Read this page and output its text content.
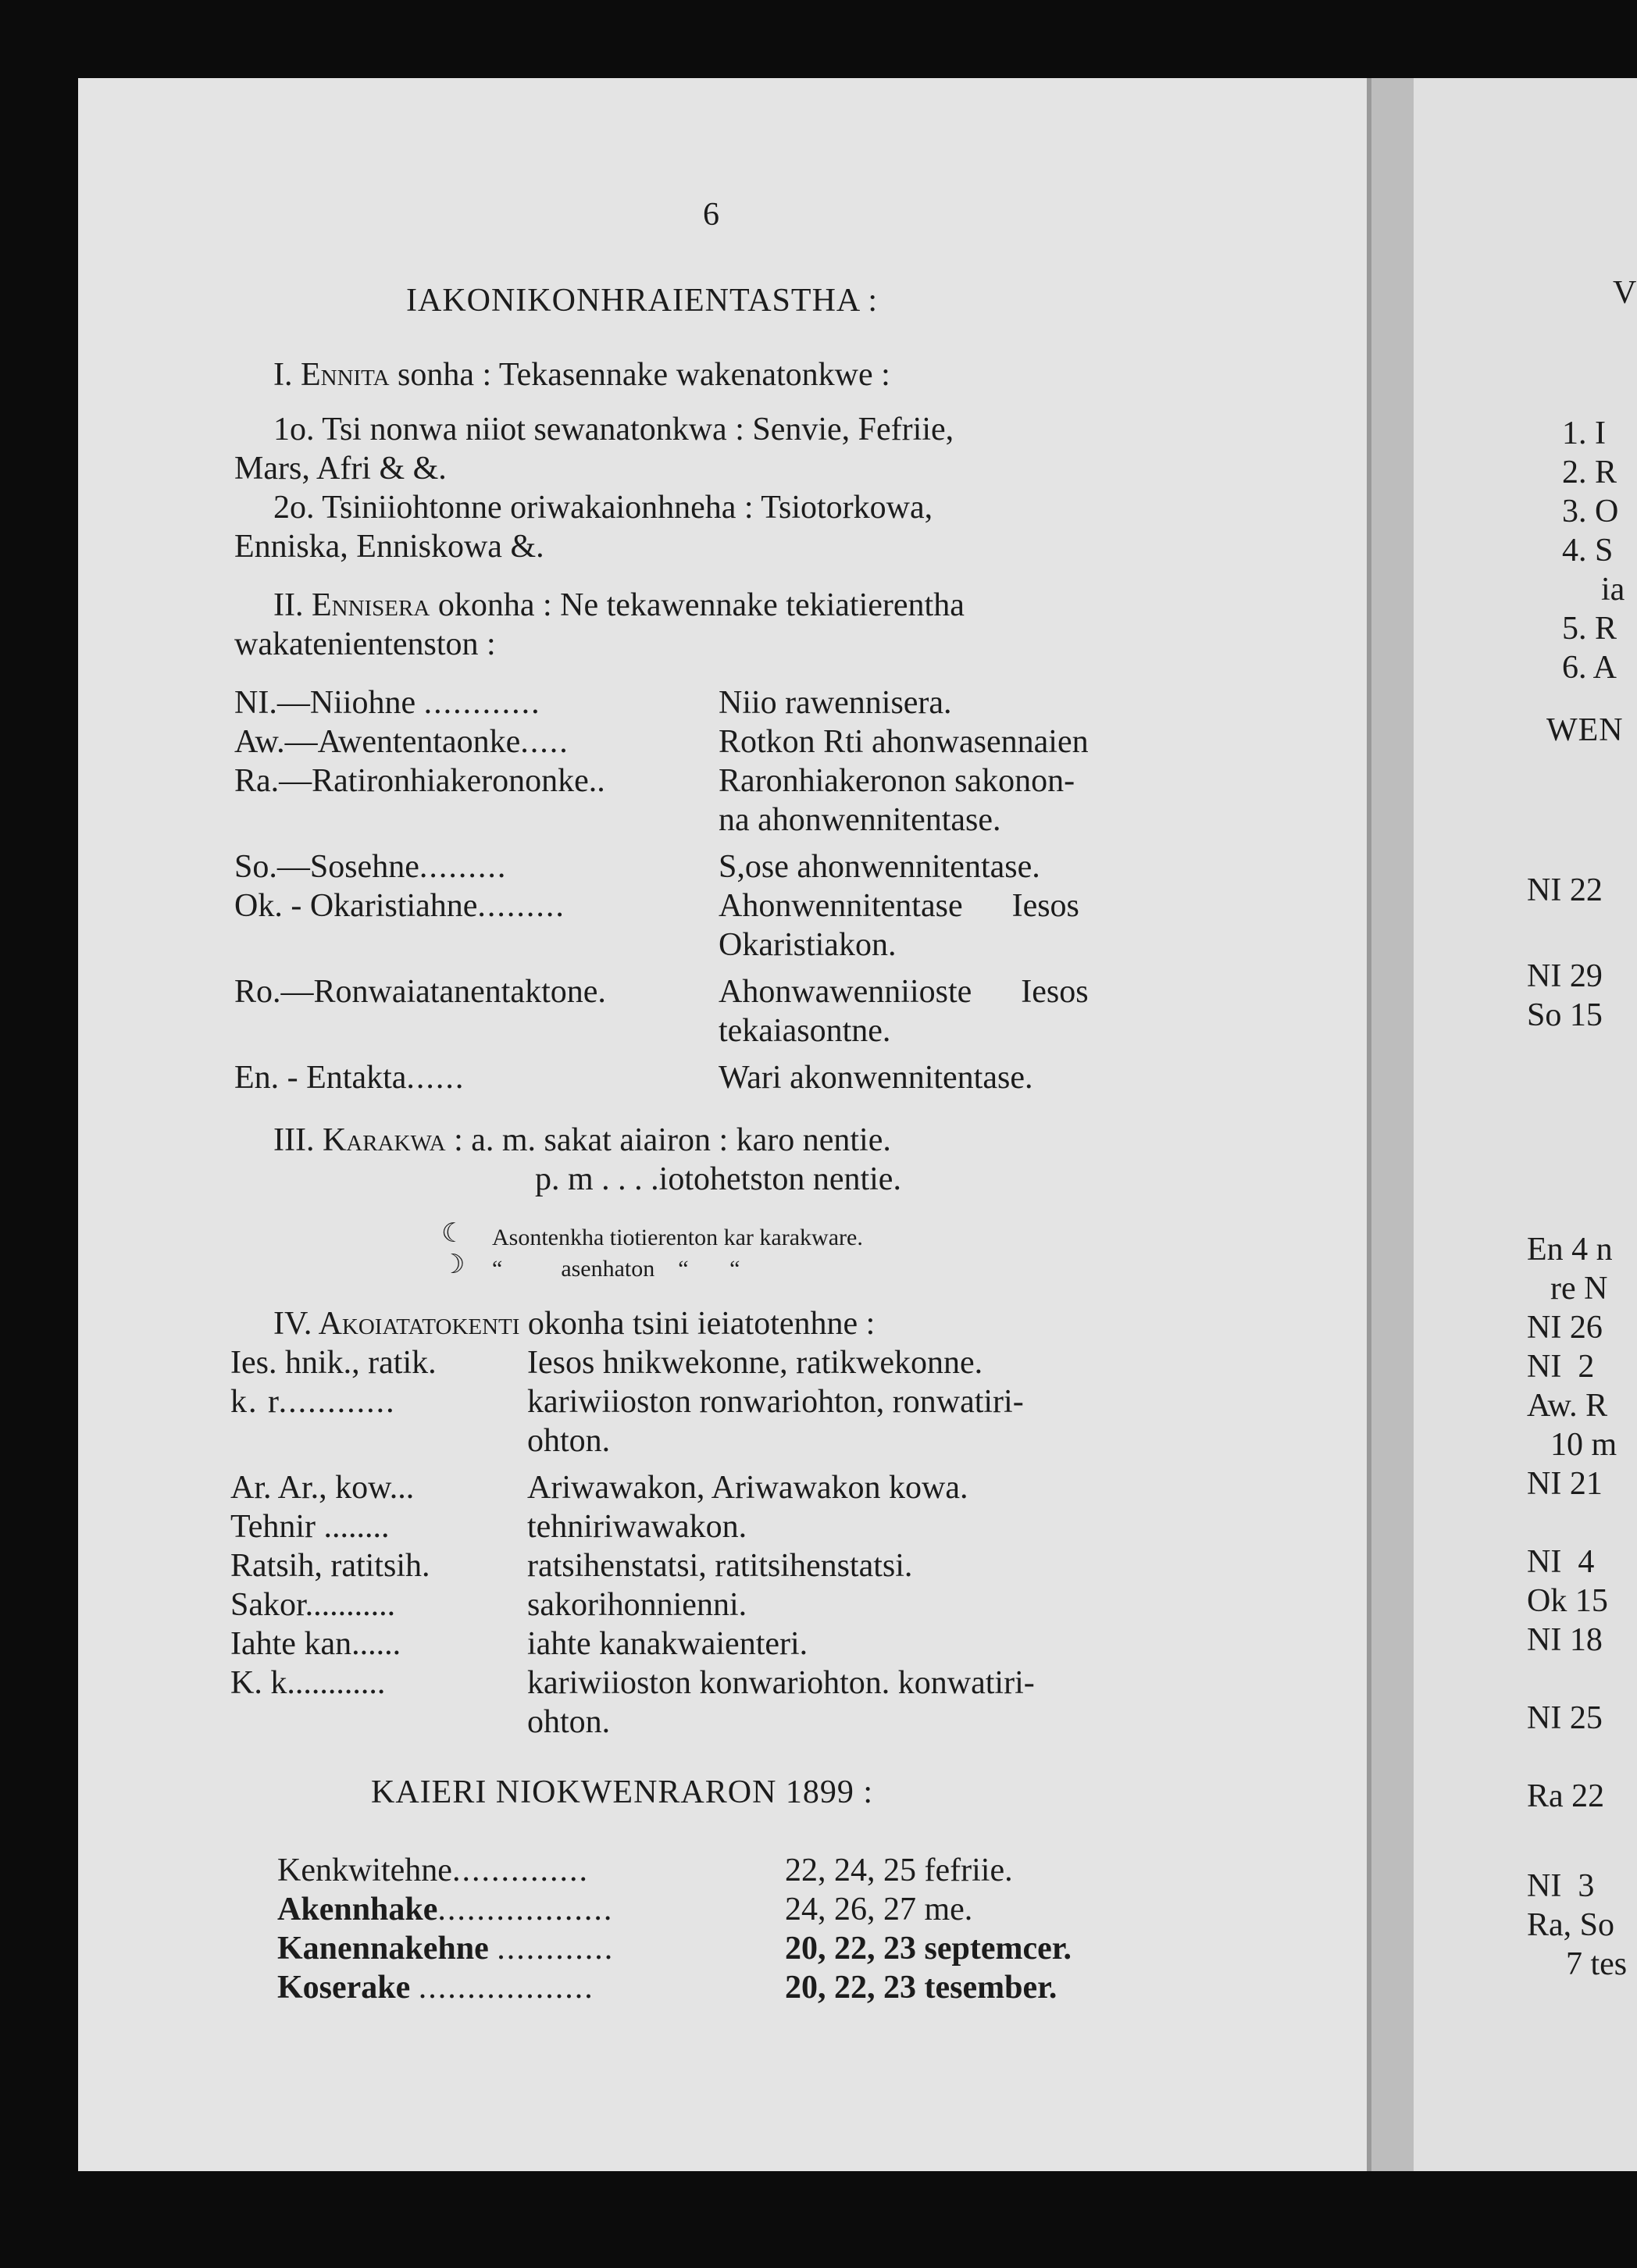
6
IAKONIKONHRAIENTASTHA :
I. Ennita sonha : Tekasennake wakenatonkwe :
1o. Tsi nonwa niiot sewanatonkwa : Senvie, Fefriie,
Mars, Afri & &.
2o. Tsiniiohtonne oriwakaionhneha : Tsiotorkowa,
Enniska, Enniskowa &.
II. Ennisera okonha : Ne tekawennake tekiatierentha
wakatenientenston :
NI.—Niiohne ............	Niio rawennisera.
Aw.—Awententaonke.....	Rotkon Rti ahonwasennaien
Ra.—Ratironhiakerononke..	Raronhiakeronon sakonon-
na ahonwennitentase.
So.—Sosehne.........	S,ose ahonwennitentase.
Ok. - Okaristiahne.........	Ahonwennitentase      Iesos
Okaristiakon.
Ro.—Ronwaiatanentaktone.	Ahonwawenniioste      Iesos
tekaiasontne.
En. - Entakta......	Wari akonwennitentase.
III. Karakwa : a. m. sakat aiairon : karo nentie.
p. m . . . .iotohetston nentie.
☾ Asontenkha tiotierenton kar karakware.
☽ “          asenhaton    “       “
IV. Akoiatatokenti okonha tsini ieiatotenhne :
Ies. hnik., ratik.	Iesos hnikwekonne, ratikwekonne.
k. r............	kariwiioston ronwariohton, ronwatiri-
ohton.
Ar. Ar., kow...	Ariwawakon, Ariwawakon kowa.
Tehnir ........	tehniriwawakon.
Ratsih, ratitsih.	ratsihenstatsi, ratitsihenstatsi.
Sakor...........	sakorihonnienni.
Iahte kan......	iahte kanakwaienteri.
K. k............	kariwiioston konwariohton. konwatiri-
ohton.
KAIERI NIOKWENRARON 1899 :
Kenkwitehne..............	22, 24, 25 fefriie.
Akennhake..................	24, 26, 27 me.
Kanennakehne ............	20, 22, 23 septemcer.
Koserake ..................	20, 22, 23 tesember.
V
1. I
2. R
3. O
4. S
ia
5. R
6. A
WEN
NI 22
NI 29
So 15
En 4 n
re N
NI 26
NI  2
Aw. R
10 m
NI 21
NI  4
Ok 15
NI 18
NI 25
Ra 22
NI  3
Ra, So
7 tes
